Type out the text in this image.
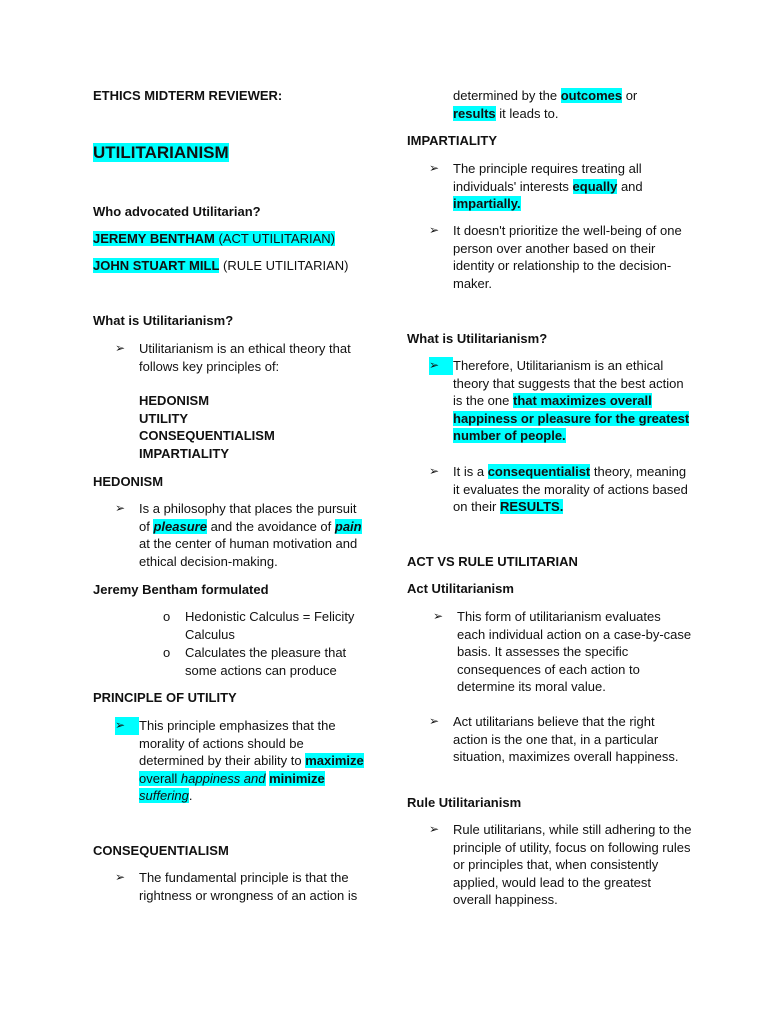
ETHICS MIDTERM REVIEWER:
UTILITARIANISM
Who advocated Utilitarian?
JEREMY BENTHAM (ACT UTILITARIAN)
JOHN STUART MILL (RULE UTILITARIAN)
What is Utilitarianism?
➢ Utilitarianism is an ethical theory that follows key principles of:
HEDONISM
UTILITY
CONSEQUENTIALISM
IMPARTIALITY
HEDONISM
➢ Is a philosophy that places the pursuit of pleasure and the avoidance of pain at the center of human motivation and ethical decision-making.
Jeremy Bentham formulated
o Hedonistic Calculus = Felicity Calculus
o Calculates the pleasure that some actions can produce
PRINCIPLE OF UTILITY
➢	This principle emphasizes that the morality of actions should be determined by their ability to maximize overall happiness and minimize suffering.
CONSEQUENTIALISM
➢ The fundamental principle is that the rightness or wrongness of an action is
determined by the outcomes or
results it leads to.
IMPARTIALITY
➢ The principle requires treating all individuals' interests equally and impartially.
➢ It doesn't prioritize the well-being of one person over another based on their identity or relationship to the decision-maker.
What is Utilitarianism?
➢	Therefore, Utilitarianism is an ethical theory that suggests that the best action is the one that maximizes overall happiness or pleasure for the greatest number of people.
➢ It is a consequentialist theory, meaning it evaluates the morality of actions based on their RESULTS.
ACT VS RULE UTILITARIAN
Act Utilitarianism
➢ This form of utilitarianism evaluates each individual action on a case-by-case basis. It assesses the specific consequences of each action to determine its moral value.
➢ Act utilitarians believe that the right action is the one that, in a particular situation, maximizes overall happiness.
Rule Utilitarianism
➢ Rule utilitarians, while still adhering to the principle of utility, focus on following rules or principles that, when consistently applied, would lead to the greatest overall happiness.
